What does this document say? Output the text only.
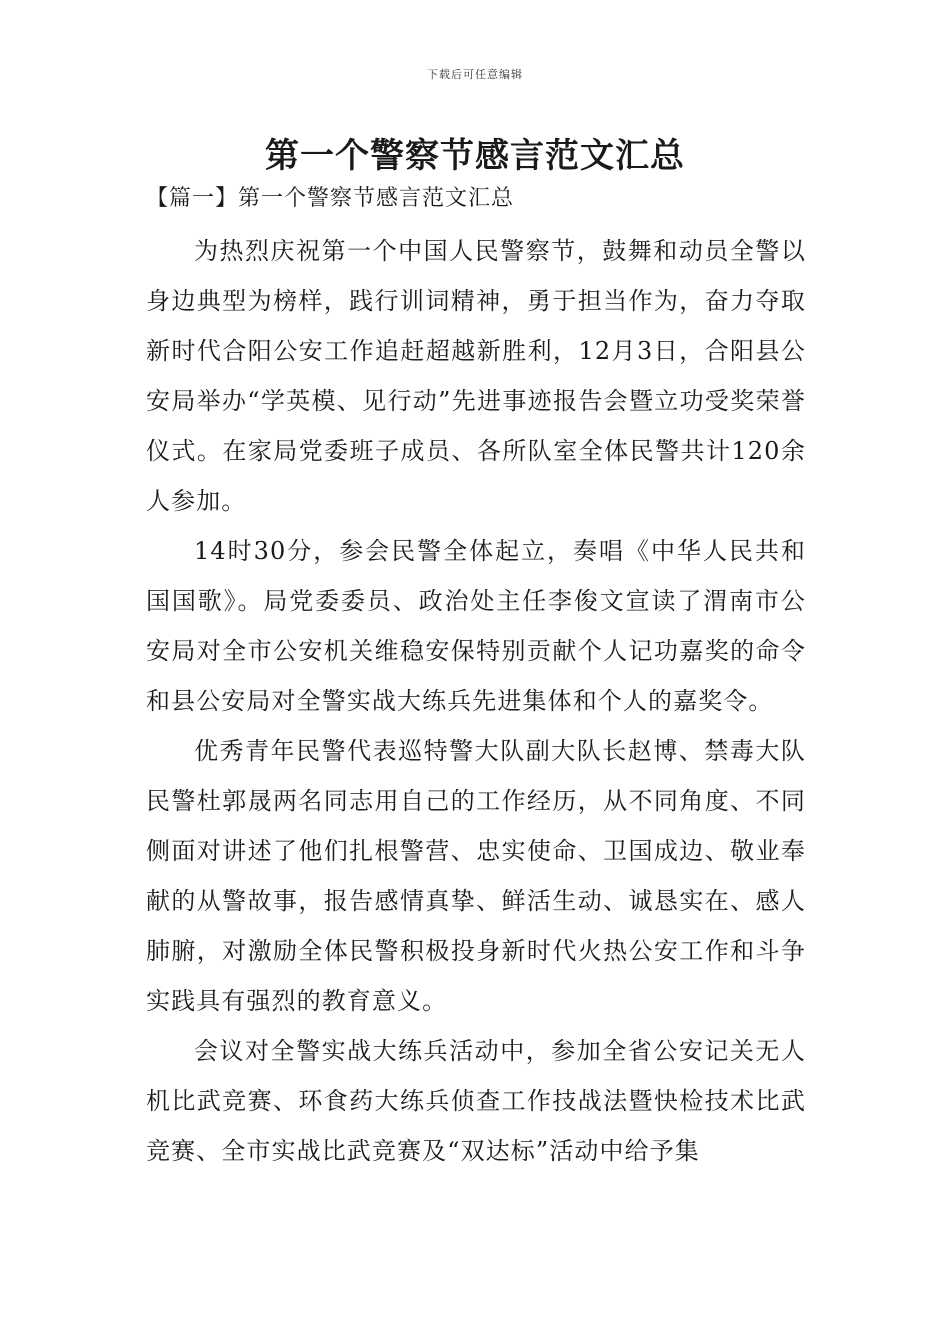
下载后可任意编辑
第一个警察节感言范文汇总

【篇一】第一个警察节感言范文汇总

为热烈庆祝第一个中国人民警察节，鼓舞和动员全警以身边典型为榜样，践行训词精神，勇于担当作为，奋力夺取新时代合阳公安工作追赶超越新胜利，12月3日，合阳县公安局举办“学英模、见行动”先进事迹报告会暨立功受奖荣誉仪式。在家局党委班子成员、各所队室全体民警共计120余人参加。

14时30分，参会民警全体起立，奏唱《中华人民共和国国歌》。局党委委员、政治处主任李俊文宣读了渭南市公安局对全市公安机关维稳安保特别贡献个人记功嘉奖的命令和县公安局对全警实战大练兵先进集体和个人的嘉奖令。

优秀青年民警代表巡特警大队副大队长赵博、禁毒大队民警杜郭晟两名同志用自己的工作经历，从不同角度、不同侧面对讲述了他们扎根警营、忠实使命、卫国成边、敬业奉献的从警故事，报告感情真挚、鲜活生动、诚恳实在、感人肺腑，对激励全体民警积极投身新时代火热公安工作和斗争实践具有强烈的教育意义。

会议对全警实战大练兵活动中，参加全省公安记关无人机比武竞赛、环食药大练兵侦查工作技战法暨快检技术比武竞赛、全市实战比武竞赛及“双达标”活动中给予集
